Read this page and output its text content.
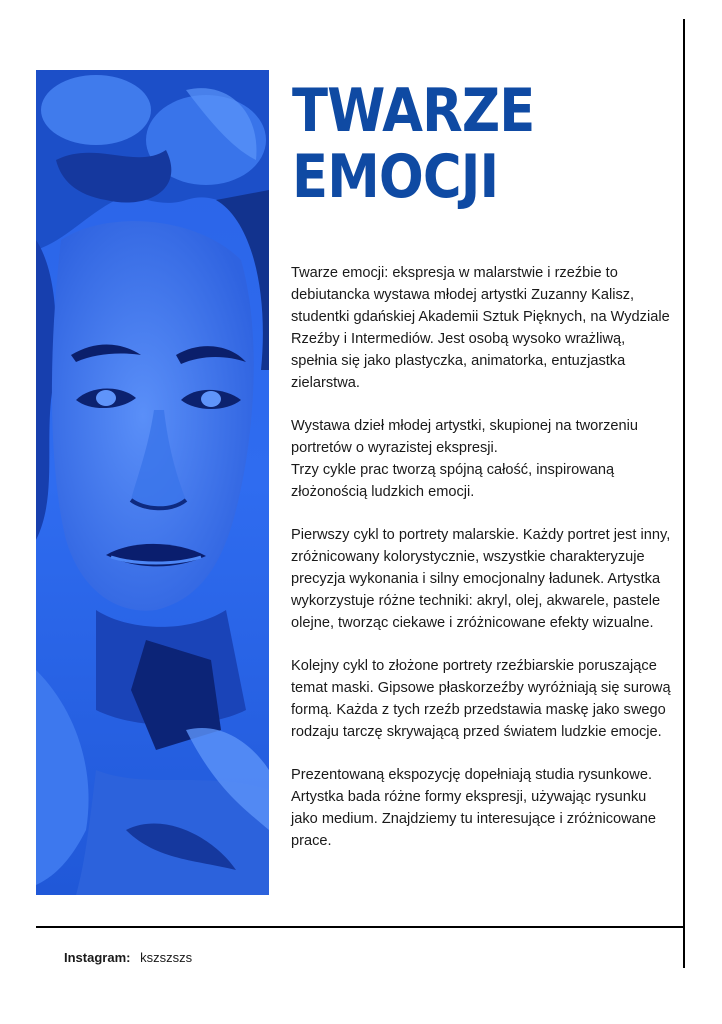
TWARZE
EMOCJI

Twarze emocji: ekspresja w malarstwie i rzeźbie to debiutancka wystawa młodej artystki Zuzanny Kalisz, studentki gdańskiej Akademii Sztuk Pięknych, na Wydziale Rzeźby i Intermediów. Jest osobą wysoko wrażliwą, spełnia się jako plastyczka, animatorka, entuzjastka zielarstwa.

Wystawa dzieł młodej artystki, skupionej na tworzeniu portretów o wyrazistej ekspresji.
Trzy cykle prac tworzą spójną całość, inspirowaną złożonością ludzkich emocji.

Pierwszy cykl to portrety malarskie. Każdy portret jest inny, zróżnicowany kolorystycznie, wszystkie charakteryzuje precyzja wykonania i silny emocjonalny ładunek. Artystka wykorzystuje różne techniki: akryl, olej, akwarele, pastele olejne, tworząc ciekawe i zróżnicowane efekty wizualne.

Kolejny cykl to złożone portrety rzeźbiarskie poruszające temat maski. Gipsowe płaskorzeźby wyróżniają się surową formą. Każda z tych rzeźb przedstawia maskę jako swego rodzaju tarczę skrywającą przed światem ludzkie emocje.

Prezentowaną ekspozycję dopełniają studia rysunkowe. Artystka bada różne formy ekspresji, używając rysunku jako medium. Znajdziemy tu interesujące i zróżnicowane prace.

Instagram: kszszszs
